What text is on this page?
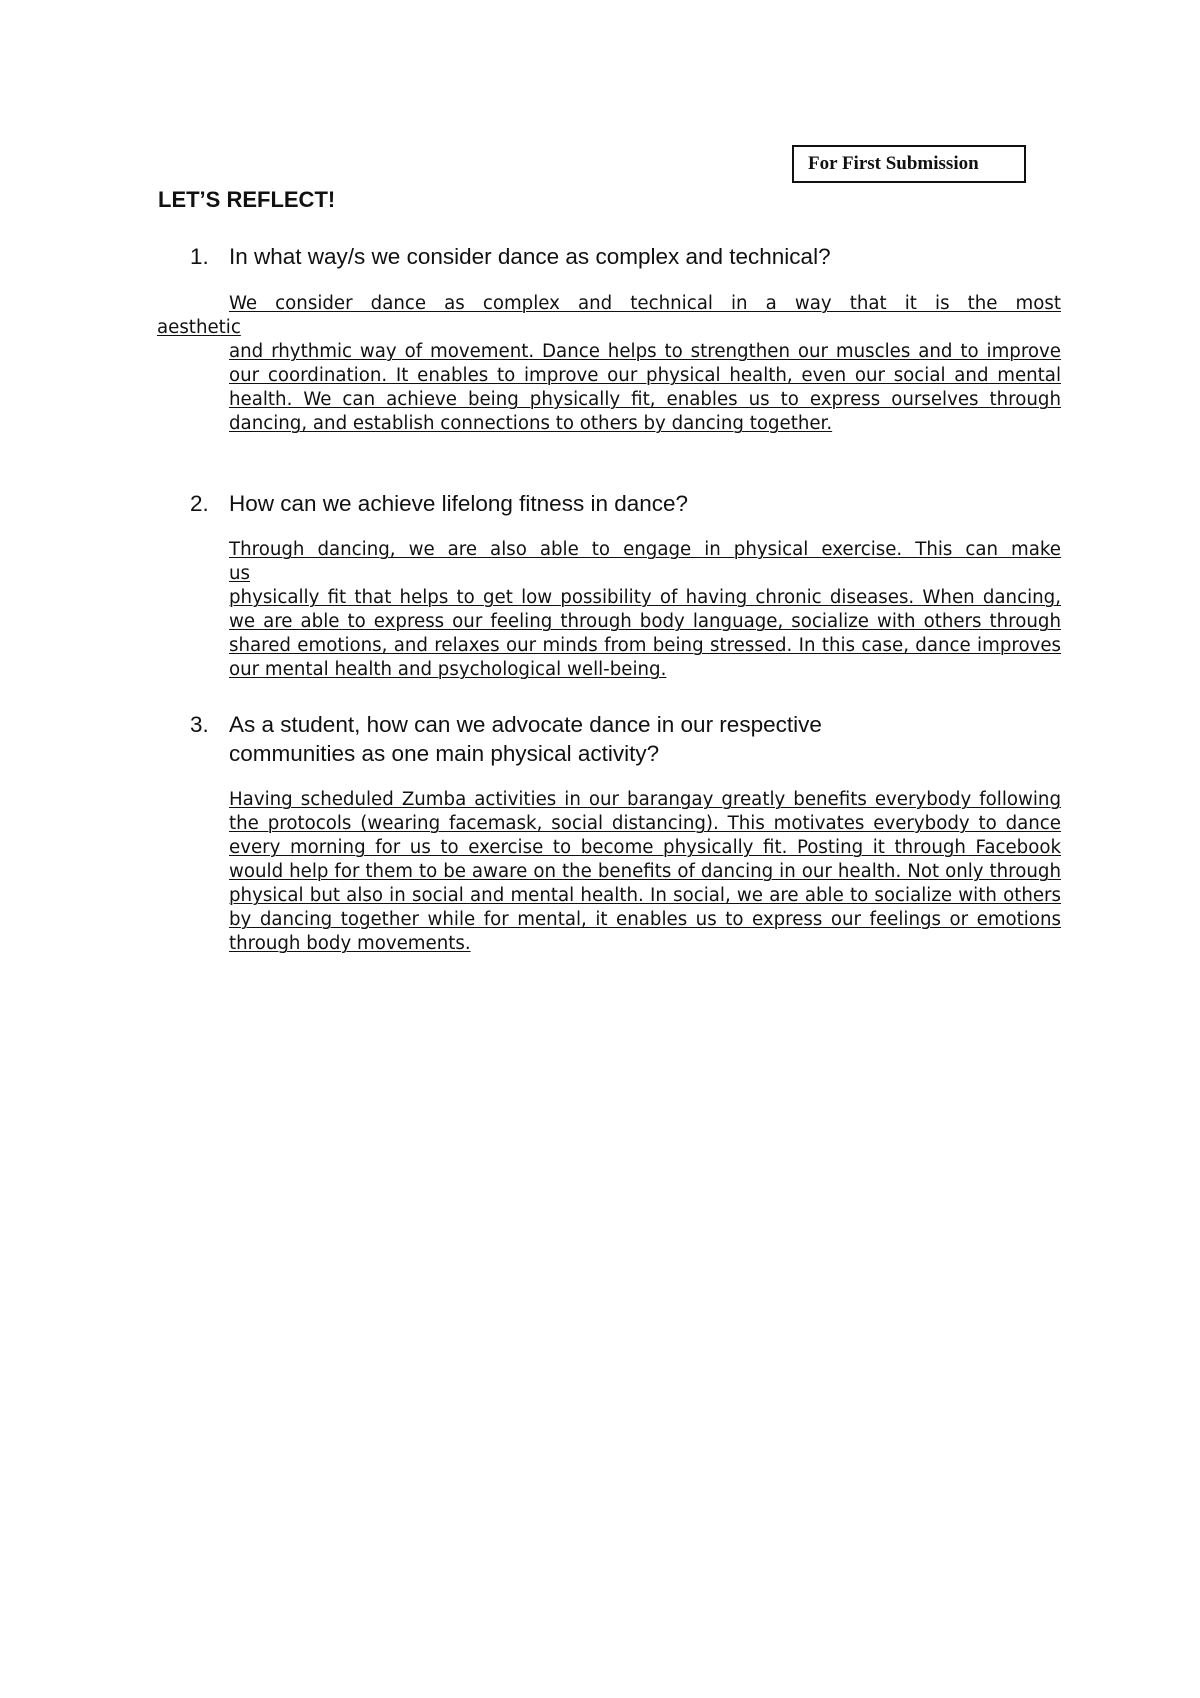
For First Submission
LET’S REFLECT!
1. In what way/s we consider dance as complex and technical?
We consider dance as complex and technical in a way that it is the most
aesthetic
and rhythmic way of movement. Dance helps to strengthen our muscles and to improve our coordination. It enables to improve our physical health, even our social and mental health. We can achieve being physically fit, enables us to express ourselves through dancing, and establish connections to others by dancing together.
2. How can we achieve lifelong fitness in dance?
Through dancing, we are also able to engage in physical exercise. This can make
us
physically fit that helps to get low possibility of having chronic diseases. When dancing, we are able to express our feeling through body language, socialize with others through shared emotions, and relaxes our minds from being stressed. In this case, dance improves our mental health and psychological well-being.
3. As a student, how can we advocate dance in our respective communities as one main physical activity?
Having scheduled Zumba activities in our barangay greatly benefits everybody following the protocols (wearing facemask, social distancing). This motivates everybody to dance every morning for us to exercise to become physically fit. Posting it through Facebook would help for them to be aware on the benefits of dancing in our health. Not only through physical but also in social and mental health. In social, we are able to socialize with others by dancing together while for mental, it enables us to express our feelings or emotions through body movements.
